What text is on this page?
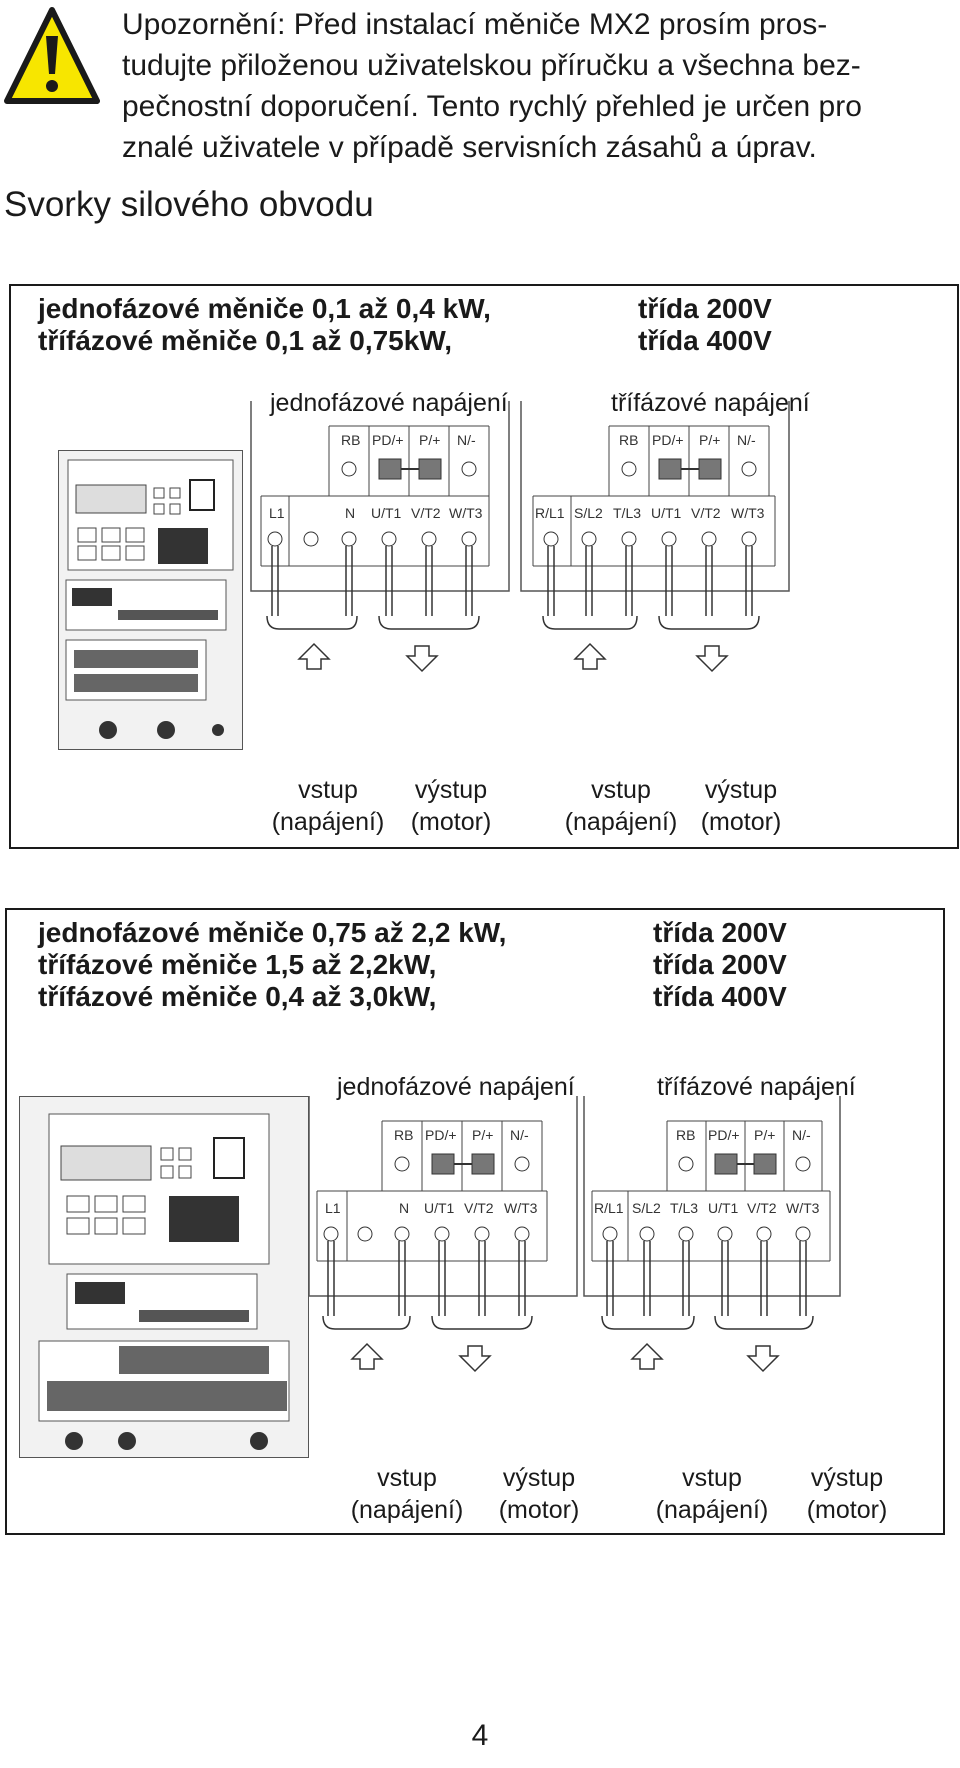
Upozornění: Před instalací měniče MX2 prosím pros-
tudujte přiloženou uživatelskou příručku a všechna bez-
pečnostní doporučení. Tento rychlý přehled je určen pro
znalé uživatele v případě servisních zásahů a úprav.
Svorky silového obvodu
jednofázové měniče 0,1 až 0,4 kW,	třída 200V
třífázové měniče 0,1 až 0,75kW,	třída 400V
jednofázové napájení	třífázové napájení
RB PD/+ P/+ N/-
L1	N U/T1 V/T2 W/T3
RB PD/+ P/+ N/-
R/L1 S/L2 T/L3 U/T1 V/T2 W/T3
vstup
(napájení)
výstup
(motor)
vstup
(napájení)
výstup
(motor)
jednofázové měniče 0,75 až 2,2 kW,	třída 200V
třífázové měniče 1,5 až 2,2kW,	třída 200V
třífázové měniče 0,4 až 3,0kW,	třída 400V
jednofázové napájení	třífázové napájení
RB PD/+ P/+ N/-
L1	N U/T1 V/T2 W/T3
RB PD/+ P/+ N/-
R/L1 S/L2 T/L3 U/T1 V/T2 W/T3
vstup
(napájení)
výstup
(motor)
vstup
(napájení)
výstup
(motor)
4
